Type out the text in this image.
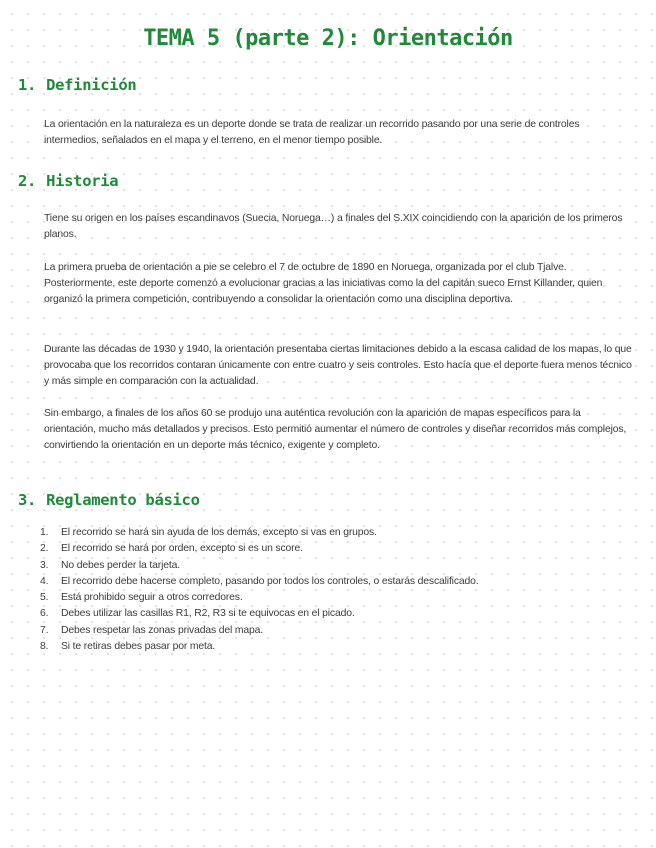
TEMA 5 (parte 2): Orientación
1. Definición

La orientación en la naturaleza es un deporte donde se trata de realizar un recorrido pasando por una serie de controles intermedios, señalados en el mapa y el terreno, en el menor tiempo posible.

2. Historia

Tiene su origen en los países escandinavos (Suecia, Noruega…) a finales del S.XIX coincidiendo con la aparición de los primeros planos.

La primera prueba de orientación a pie se celebro el 7 de octubre de 1890 en Noruega, organizada por el club Tjalve. Posteriormente, este deporte comenzó a evolucionar gracias a las iniciativas como la del capitán sueco Ernst Killander, quien organizó la primera competición, contribuyendo a consolidar la orientación como una disciplina deportiva.

Durante las décadas de 1930 y 1940, la orientación presentaba ciertas limitaciones debido a la escasa calidad de los mapas, lo que provocaba que los recorridos contaran únicamente con entre cuatro y seis controles. Esto hacía que el deporte fuera menos técnico y más simple en comparación con la actualidad.

Sin embargo, a finales de los años 60 se produjo una auténtica revolución con la aparición de mapas específicos para la orientación, mucho más detallados y precisos. Esto permitió aumentar el número de controles y diseñar recorridos más complejos, convirtiendo la orientación en un deporte más técnico, exigente y completo.

3. Reglamento básico
1.	El recorrido se hará sin ayuda de los demás, excepto si vas en grupos.
2.	El recorrido se hará por orden, excepto si es un score.
3.	No debes perder la tarjeta.
4.	El recorrido debe hacerse completo, pasando por todos los controles, o estarás descalificado.
5.	Está prohibido seguir a otros corredores.
6.	Debes utilizar las casillas R1, R2, R3 si te equivocas en el picado.
7.	Debes respetar las zonas privadas del mapa.
8.	Si te retiras debes pasar por meta.
